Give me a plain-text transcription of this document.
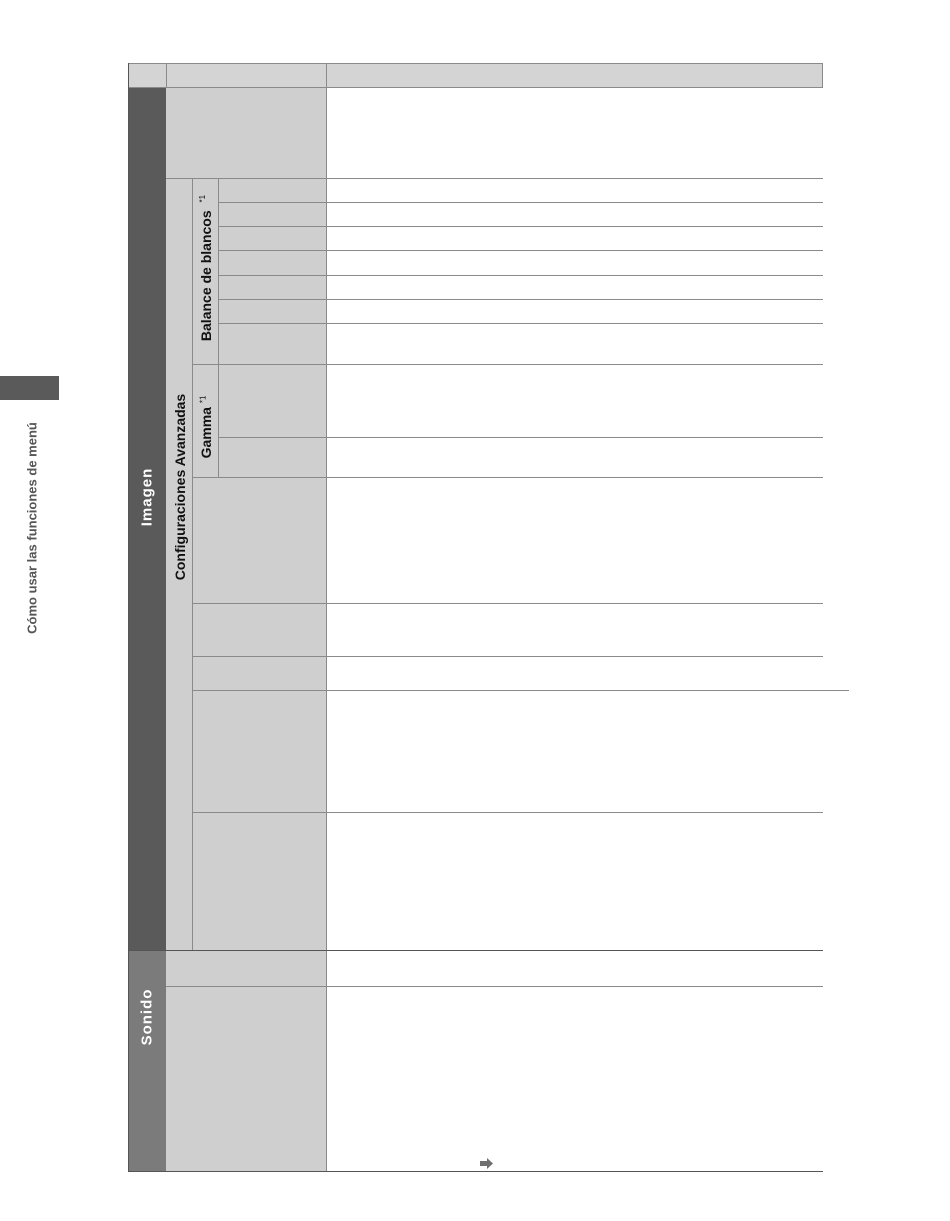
Cómo usar las funciones de menú	Imagen
Sonido
Configuraciones Avanzadas
Balance de blancos $^{*1}$
Gamma $^{*1}$
